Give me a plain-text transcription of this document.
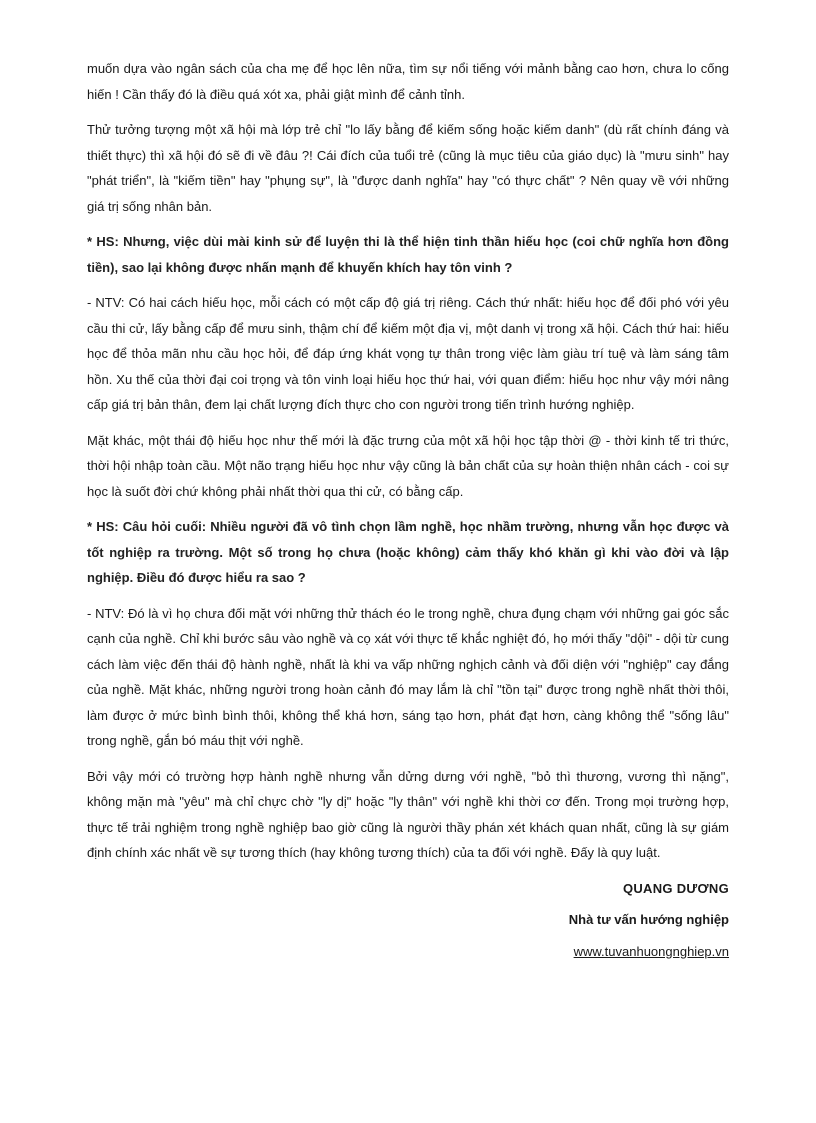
muốn dựa vào ngân sách của cha mẹ để học lên nữa, tìm sự nổi tiếng với mảnh bằng cao hơn, chưa lo cống hiến ! Cần thấy đó là điều quá xót xa, phải giật mình để cảnh tỉnh.

Thử tưởng tượng một xã hội mà lớp trẻ chỉ "lo lấy bằng để kiếm sống hoặc kiếm danh" (dù rất chính đáng và thiết thực) thì xã hội đó sẽ đi về đâu ?! Cái đích của tuổi trẻ (cũng là mục tiêu của giáo dục) là "mưu sinh" hay "phát triển", là "kiếm tiền" hay "phụng sự", là "được danh nghĩa" hay "có thực chất" ? Nên quay về với những giá trị sống nhân bản.

* HS: Nhưng, việc dùi mài kinh sử để luyện thi là thể hiện tinh thần hiếu học (coi chữ nghĩa hơn đồng tiền), sao lại không được nhấn mạnh để khuyến khích hay tôn vinh ?

- NTV: Có hai cách hiếu học, mỗi cách có một cấp độ giá trị riêng. Cách thứ nhất: hiếu học để đối phó với yêu cầu thi cử, lấy bằng cấp để mưu sinh, thậm chí để kiếm một địa vị, một danh vị trong xã hội. Cách thứ hai: hiếu học để thỏa mãn nhu cầu học hỏi, để đáp ứng khát vọng tự thân trong việc làm giàu trí tuệ và làm sáng tâm hồn. Xu thế của thời đại coi trọng và tôn vinh loại hiếu học thứ hai, với quan điểm: hiếu học như vậy mới nâng cấp giá trị bản thân, đem lại chất lượng đích thực cho con người trong tiến trình hướng nghiệp.

Mặt khác, một thái độ hiếu học như thế mới là đặc trưng của một xã hội học tập thời @ - thời kinh tế tri thức, thời hội nhập toàn cầu. Một não trạng hiếu học như vậy cũng là bản chất của sự hoàn thiện nhân cách - coi sự học là suốt đời chứ không phải nhất thời qua thi cử, có bằng cấp.

* HS: Câu hỏi cuối: Nhiều người đã vô tình chọn lầm nghề, học nhầm trường, nhưng vẫn học được và tốt nghiệp ra trường. Một số trong họ chưa (hoặc không) cảm thấy khó khăn gì khi vào đời và lập nghiệp. Điều đó được hiểu ra sao ?

- NTV: Đó là vì họ chưa đối mặt với những thử thách éo le trong nghề, chưa đụng chạm với những gai góc sắc cạnh của nghề. Chỉ khi bước sâu vào nghề và cọ xát với thực tế khắc nghiệt đó, họ mới thấy "dội" - dội từ cung cách làm việc đến thái độ hành nghề, nhất là khi va vấp những nghịch cảnh và đối diện với "nghiệp" cay đắng của nghề. Mặt khác, những người trong hoàn cảnh đó may lắm là chỉ "tồn tại" được trong nghề nhất thời thôi, làm được ở mức bình bình thôi, không thể khá hơn, sáng tạo hơn, phát đạt hơn, càng không thể "sống lâu" trong nghề, gắn bó máu thịt với nghề.

Bởi vậy mới có trường hợp hành nghề nhưng vẫn dửng dưng với nghề, "bỏ thì thương, vương thì nặng", không mặn mà "yêu" mà chỉ chực chờ "ly dị" hoặc "ly thân" với nghề khi thời cơ đến. Trong mọi trường hợp, thực tế trải nghiệm trong nghề nghiệp bao giờ cũng là người thầy phán xét khách quan nhất, cũng là sự giám định chính xác nhất về sự tương thích (hay không tương thích) của ta đối với nghề. Đấy là quy luật.

QUANG DƯƠNG

Nhà tư vấn hướng nghiệp

www.tuvanhuongnghiep.vn
